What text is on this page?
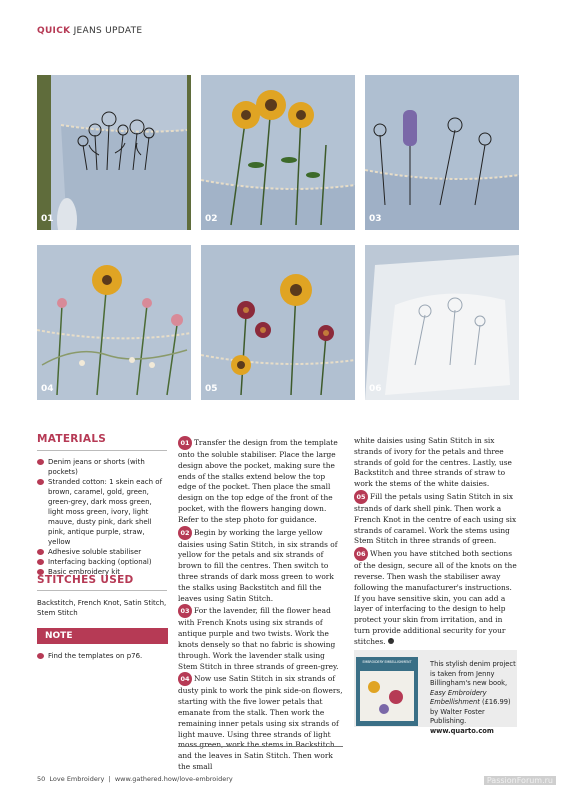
QUICK JEANS UPDATE
01	02	03
04	05	06
MATERIALS
Denim jeans or shorts (with pockets)
Stranded cotton: 1 skein each of brown, caramel, gold, green, green-grey, dark moss green, light moss green, ivory, light mauve, dusty pink, dark shell pink, antique purple, straw, yellow
Adhesive soluble stabiliser
Interfacing backing (optional)
Basic embroidery kit
STITCHES USED
Backstitch, French Knot, Satin Stitch, Stem Stitch
NOTE
Find the templates on p76.

01 Transfer the design from the template onto the soluble stabiliser. Place the large design above the pocket, making sure the ends of the stalks extend below the top edge of the pocket. Then place the small design on the top edge of the front of the pocket, with the flowers hanging down. Refer to the step photo for guidance.

02 Begin by working the large yellow daisies using Satin Stitch, in six strands of yellow for the petals and six strands of brown to fill the centres. Then switch to three strands of dark moss green to work the stalks using Backstitch and fill the leaves using Satin Stitch.

03 For the lavender, fill the flower head with French Knots using six strands of antique purple and two twists. Work the knots densely so that no fabric is showing through. Work the lavender stalk using Stem Stitch in three strands of green-grey.

04 Now use Satin Stitch in six strands of dusty pink to work the pink side-on flowers, starting with the five lower petals that emanate from the stalk. Then work the remaining inner petals using six strands of light mauve. Using three strands of light moss green, work the stems in Backstitch and the leaves in Satin Stitch. Then work the small

white daisies using Satin Stitch in six strands of ivory for the petals and three strands of gold for the centres. Lastly, use Backstitch and three strands of straw to work the stems of the white daisies.

05 Fill the petals using Satin Stitch in six strands of dark shell pink. Then work a French Knot in the centre of each using six strands of caramel. Work the stems using Stem Stitch in three strands of green.

06 When you have stitched both sections of the design, secure all of the knots on the reverse. Then wash the stabiliser away following the manufacturer's instructions. If you have sensitive skin, you can add a layer of interfacing to the design to help protect your skin from irritation, and in turn provide additional security for your stitches.

EMBROIDERY EMBELLISHMENT	This stylish denim project is taken from Jenny Billingham's new book, Easy Embroidery Embellishment (£16.99) by Walter Foster Publishing.
www.quarto.com
50 Love Embroidery | www.gathered.how/love-embroidery	PassionForum.ru
